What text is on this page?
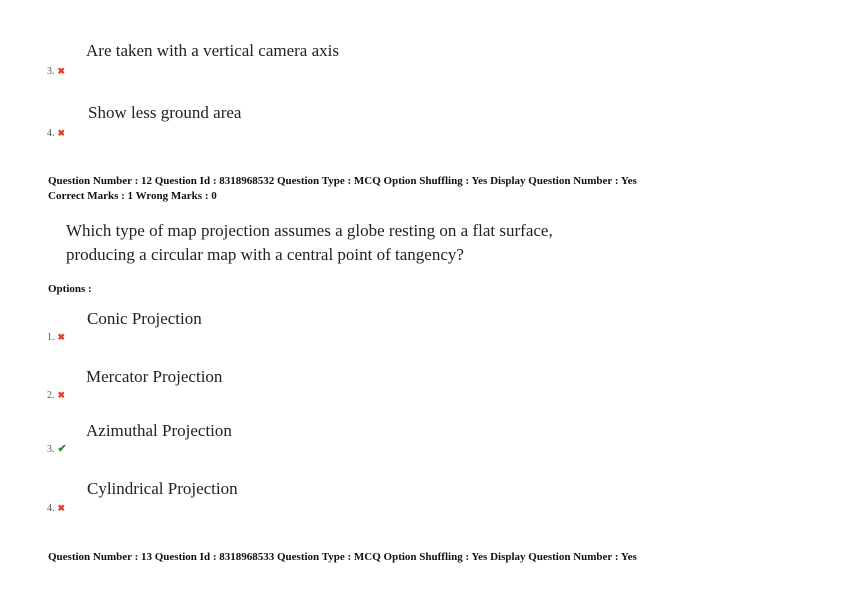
Are taken with a vertical camera axis
3. ✖
Show less ground area
4. ✖
Question Number : 12 Question Id : 8318968532 Question Type : MCQ Option Shuffling : Yes Display Question Number : Yes
Correct Marks : 1 Wrong Marks : 0
Which type of map projection assumes a globe resting on a flat surface, producing a circular map with a central point of tangency?
Options :
Conic Projection
1. ✖
Mercator Projection
2. ✖
Azimuthal Projection
3. ✔
Cylindrical Projection
4. ✖
Question Number : 13 Question Id : 8318968533 Question Type : MCQ Option Shuffling : Yes Display Question Number : Yes
